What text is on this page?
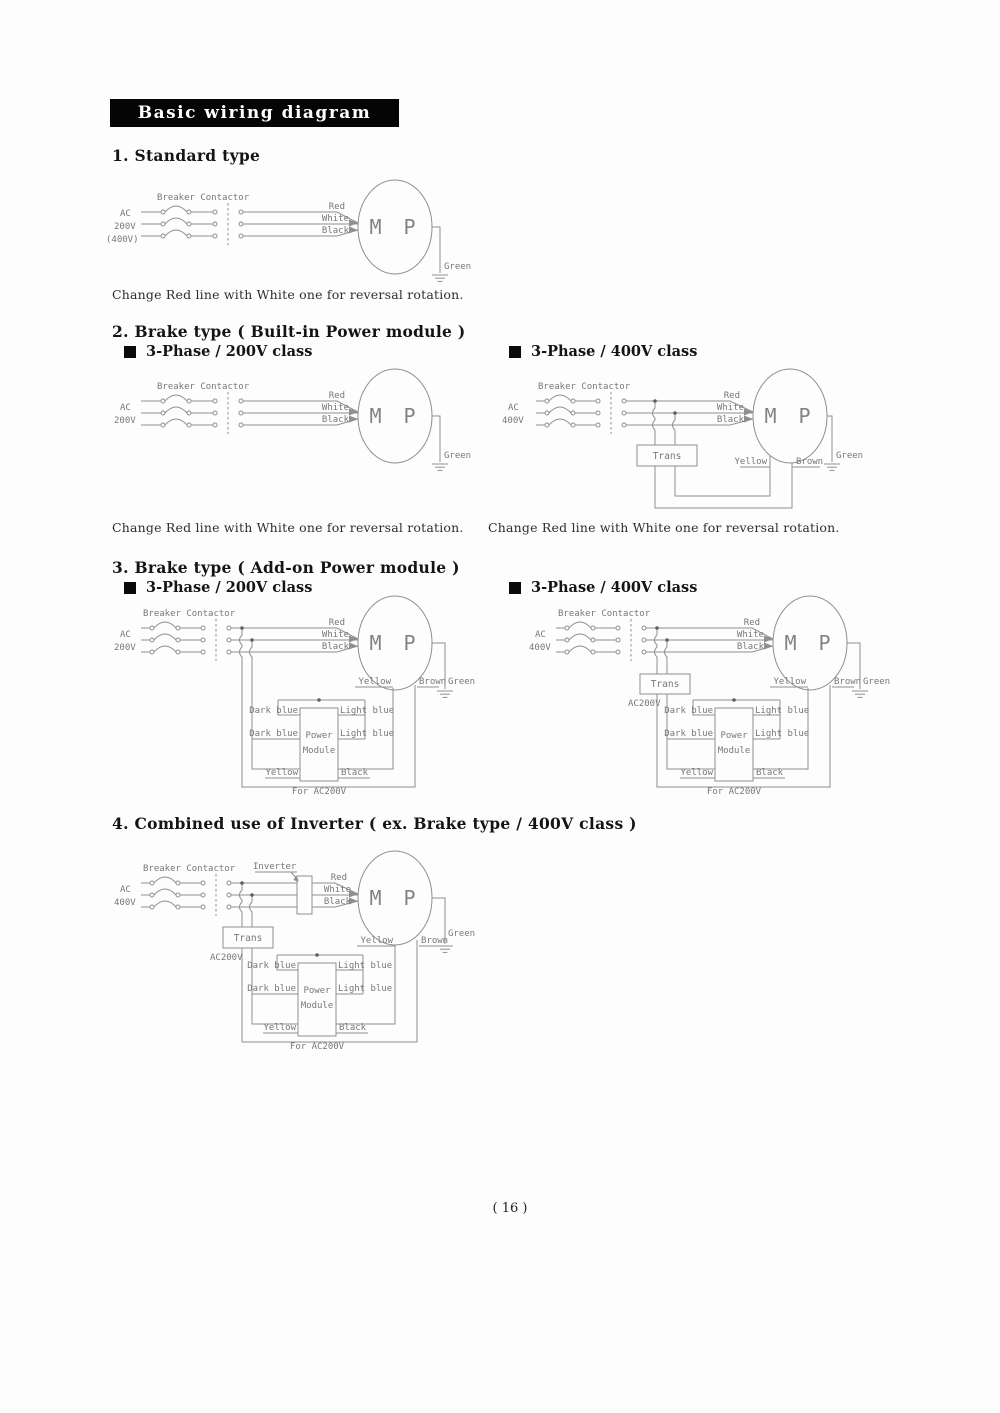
Basic wiring diagram
1. Standard type
Breaker Contactor
AC
200V
(400V)
Red
White
Black M P
Green
Change Red line with White one for reversal rotation.
2. Brake type ( Built-in Power module )
3-Phase / 200V class	3-Phase / 400V class
Breaker Contactor
AC
200V
Red
White
Black M P
Green
Breaker Contactor
AC
400V
Trans
Red
White
Black M P
Yellow	Brown
Green
Change Red line with White one for reversal rotation. Change Red line with White one for reversal rotation.
3. Brake type ( Add-on Power module )
3-Phase / 200V class	3-Phase / 400V class
Breaker Contactor
AC
200V
Red
White
Black M P
Yellow	Brown Green
Dark blue
Dark blue
Light blue
Light blue
Power
Module
Yellow	Black
For AC200V
Breaker Contactor
AC
400V
Trans
AC200V
Red
White
Black M P
Yellow	Brown Green
Dark blue
Dark blue
Light blue
Light blue
Power
Module
Yellow	Black
For AC200V
4. Combined use of Inverter ( ex. Brake type / 400V class )
Breaker Contactor
AC
400V
Inverter
Trans
AC200V
Red
White
Black M P
Yellow	Brown
Green
Dark blue
Dark blue
Light blue
Light blue
Power
Module
Yellow	Black
For AC200V
( 16 )
